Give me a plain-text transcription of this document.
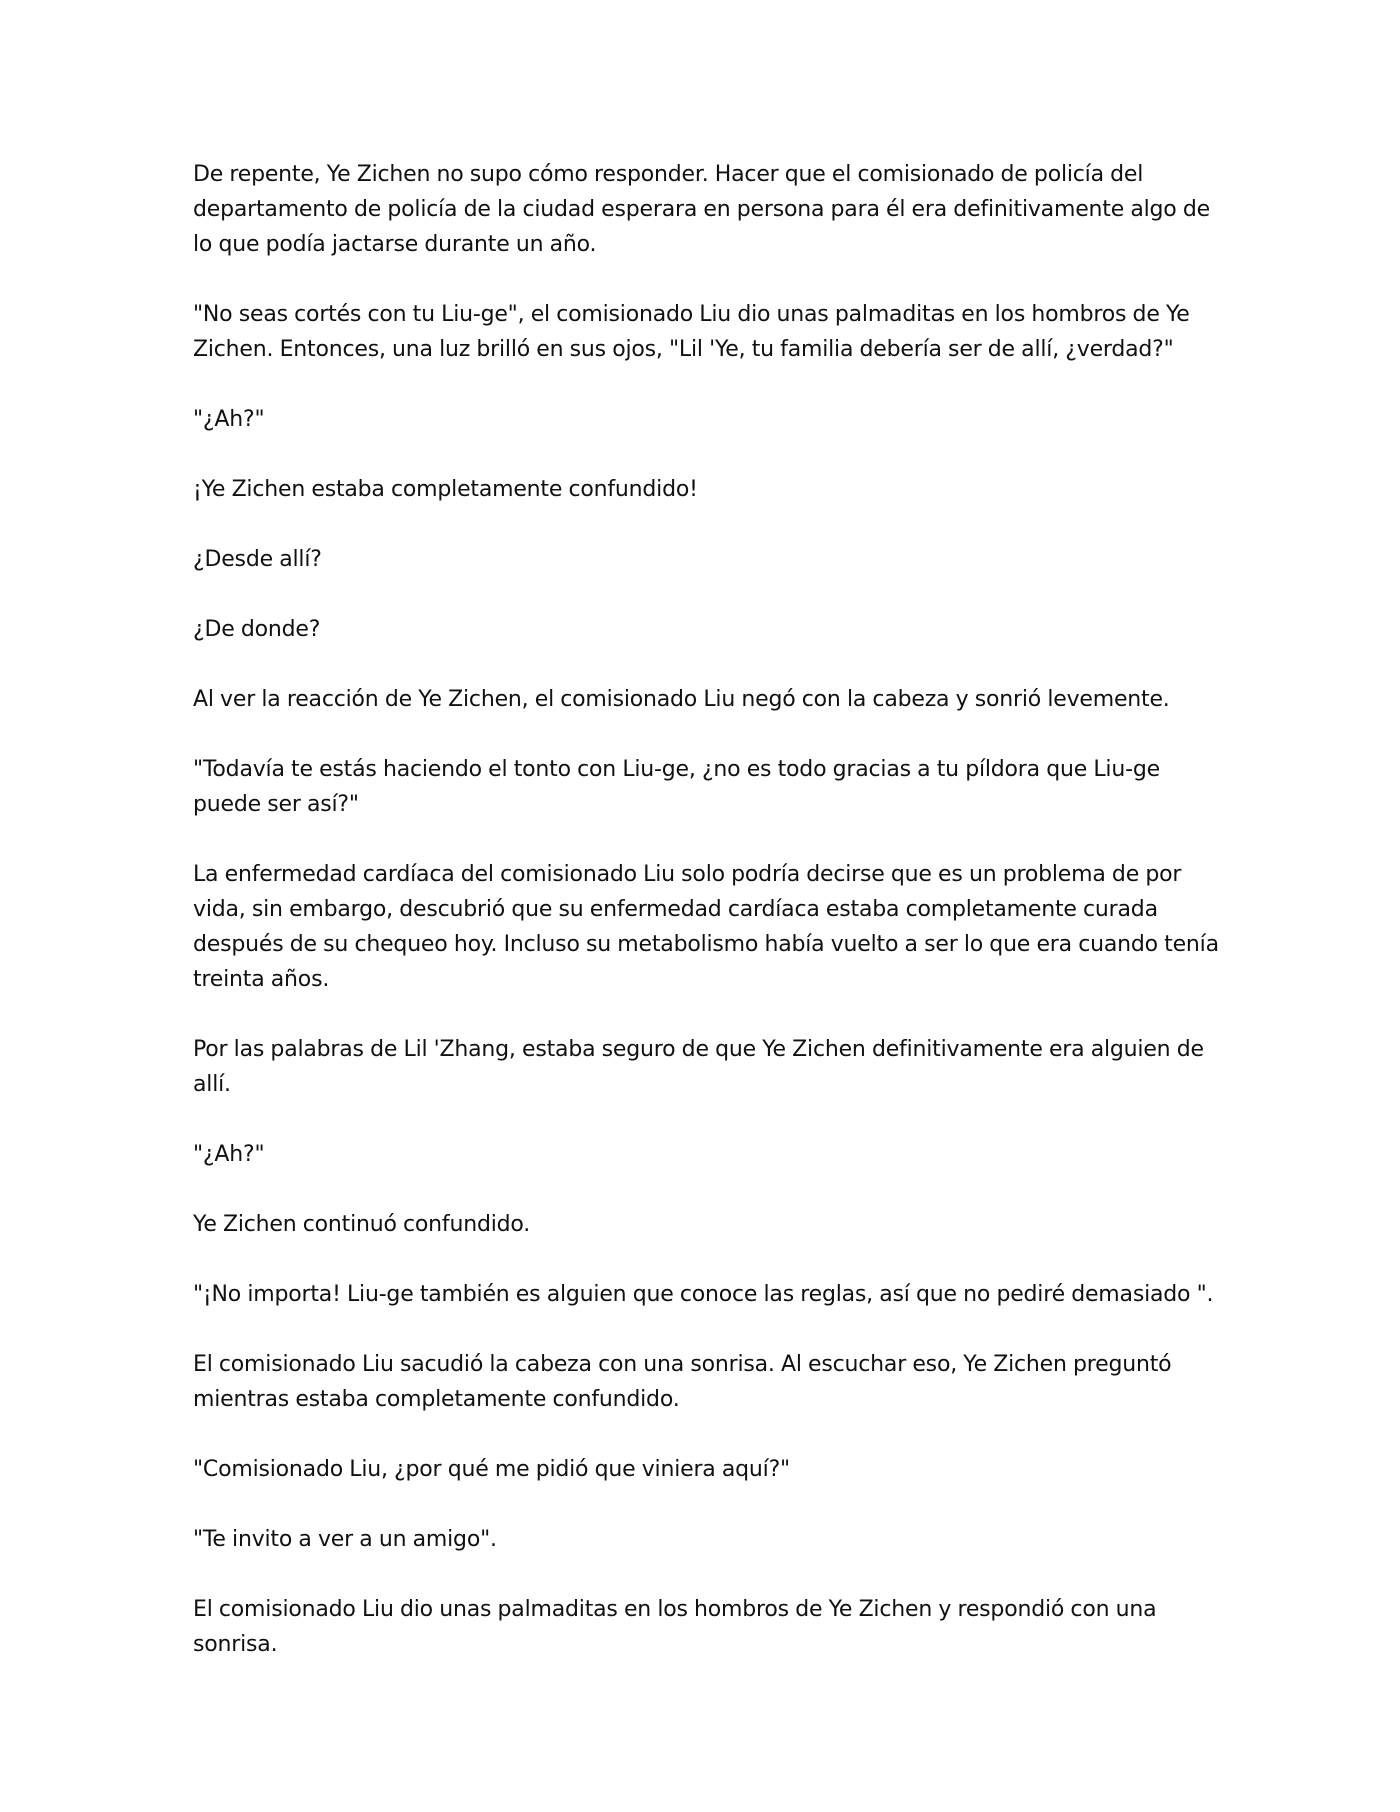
De repente, Ye Zichen no supo cómo responder. Hacer que el comisionado de policía del departamento de policía de la ciudad esperara en persona para él era definitivamente algo de lo que podía jactarse durante un año.

"No seas cortés con tu Liu-ge", el comisionado Liu dio unas palmaditas en los hombros de Ye Zichen. Entonces, una luz brilló en sus ojos, "Lil 'Ye, tu familia debería ser de allí, ¿verdad?"

"¿Ah?"

¡Ye Zichen estaba completamente confundido!

¿Desde allí?

¿De donde?

Al ver la reacción de Ye Zichen, el comisionado Liu negó con la cabeza y sonrió levemente.

"Todavía te estás haciendo el tonto con Liu-ge, ¿no es todo gracias a tu píldora que Liu-ge puede ser así?"

La enfermedad cardíaca del comisionado Liu solo podría decirse que es un problema de por vida, sin embargo, descubrió que su enfermedad cardíaca estaba completamente curada después de su chequeo hoy. Incluso su metabolismo había vuelto a ser lo que era cuando tenía treinta años.

Por las palabras de Lil 'Zhang, estaba seguro de que Ye Zichen definitivamente era alguien de allí.

"¿Ah?"

Ye Zichen continuó confundido.

"¡No importa! Liu-ge también es alguien que conoce las reglas, así que no pediré demasiado ".

El comisionado Liu sacudió la cabeza con una sonrisa. Al escuchar eso, Ye Zichen preguntó mientras estaba completamente confundido.

"Comisionado Liu, ¿por qué me pidió que viniera aquí?"

"Te invito a ver a un amigo".

El comisionado Liu dio unas palmaditas en los hombros de Ye Zichen y respondió con una sonrisa.
